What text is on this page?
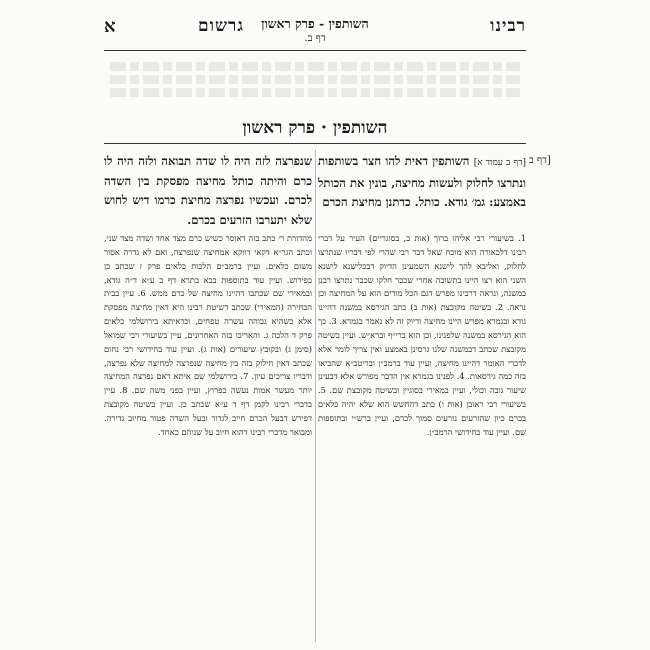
רבינו
השותפין - פרק ראשון
דף ב.
גרשום
א
השותפין · פרק ראשון
[דף ב
[דף ב עמוד א] השותפין דאית להו חצר בשותפות ונתרצו לחלוק ולעשות מחיצה, בונין את הכותל באמצע: גמ׳ גודא. כותל. כדתנן מחיצת הכרם
שנפרצה לזה היה לו שדה תבואה ולזה היה לו כרם והיתה כותל מחיצה מפסקת בין השדה לכרם. ועכשיו נפרצה מחיצת כרמו דיש לחוש שלא יתערבו הזרעים בכרם.
1. בשיעורי רבי אליהו ברוך (אות ב, בסוגריים) העיר על דברי רבינו דלכאורה הוא מוכח שאל דבר רבי שהרי לפי דבריו שנתרצו לחלוק, ואליבא להך לישנא השמעינן הדיוק דבכלישנא לישנא השני הוא רצו היינו בתשובה אחרי שכבר חלקו שכבר נתרצו רבנן במשנה, ונראה דרבינו מפרש דגם הכל מודים הוא על המחיצה וכן נראה. 2. בשיטה מקובצת (אות ב) כתב הגירסא במשנה דהיינו גודא ובגמרא מפרש היינו מחיצה ודיוק זה לא נאמר בגמרא. 3. כך הוא הגירסא במשנה שלפנינו, וכן הוא ברי״ף וברא״ש. ועיין בשיטה מקובצת שכתב דבמשנה שלנו גרסינן באמצע ואין צריך לומר אלא לדברי האומר דהיינו מחיצה, ועיין עוד ברמב״ן ובריטב״א שהביאו בזה כמה גירסאות. 4. לפנינו בגמרא אין הדבר מפורש אלא דבעינן שיעור גובה וכולי, ועיין במאירי בסוגיין ובשיטה מקובצת שם. 5. בשיעורי רבי ראובן (אות ו) כתב דהחשש הוא שלא יהיה כלאים בכרם כיון שהזרעים נזרעים סמוך לכרם, ועיין ברש״י ובתוספות שם. ועיין עוד בחידושי הרמב״ן.
מהדורת ר׳ כתב בזה דאוסר כשיש כרם מצד אחד ושדה מצד שני, וכתב הגר״א דקאי דווקא אמחיצה שנפרצה, ואם לא גדרה אסור משום כלאים. ועיין ברמב״ם הלכות כלאים פרק ז שכתב כן בפירוש. ועיין עוד בתוספות בבא בתרא דף ב ע״א ד״ה גודא, ובמאירי שם שכתבו דהיינו מחיצה של כרם ממש. 6. עיין בבית הבחירה (המאירי) שכתב דשיטת רבינו היא דאין מחיצה מפסקת אלא כשהיא גבוהה עשרה טפחים, וכדאיתא בירושלמי כלאים פרק ד הלכה ג. והאריכו בזה האחרונים, עיין בשיעורי רבי שמואל (סימן ג) ובקובץ שיעורים (אות ג). ועיין עוד בחידושי רבי נחום שכתב דאין חילוק בזה בין מחיצה שנפרצה למחיצה שלא נפרצה, ודבריו צריכים עיון. 7. בירושלמי שם איתא דאם נפרצה המחיצה יותר מעשר אמות נעשה כפרוץ, ועיין בפני משה שם. 8. עיין בדברי רבינו לקמן דף ד ע״א שכתב כן. ועיין בשיטה מקובצת דפירש דבעל הכרם חייב לגדור ובעל השדה פטור מחיוב גדירה. ומבואר מדברי רבינו דהוא חיוב על שניהם כאחד.
